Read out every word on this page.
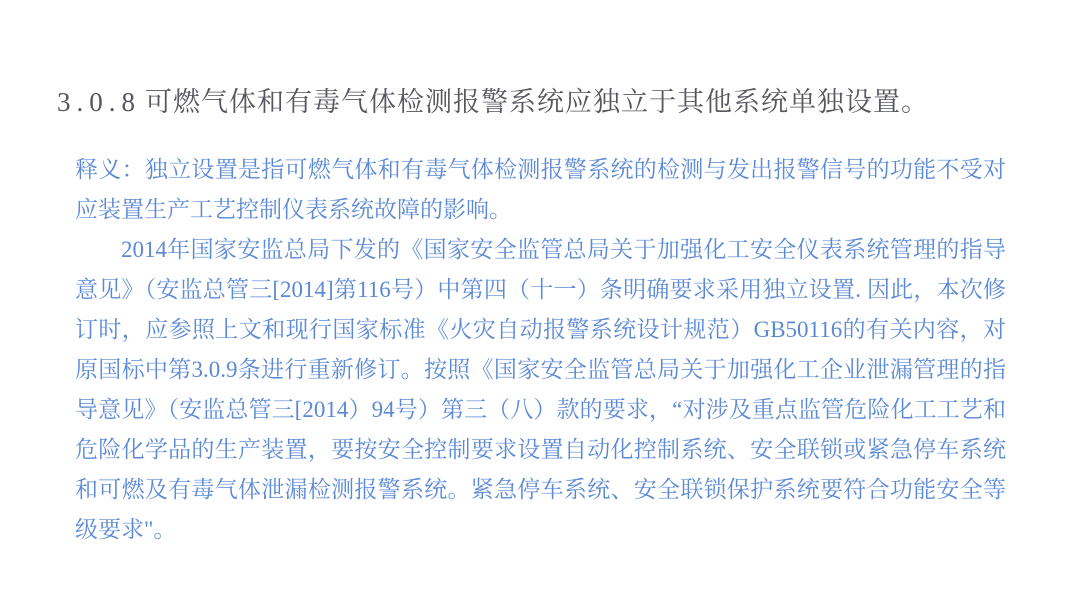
3.0.8 可燃气体和有毒气体检测报警系统应独立于其他系统单独设置。

释义：独立设置是指可燃气体和有毒气体检测报警系统的检测与发出报警信号的功能不受对应装置生产工艺控制仪表系统故障的影响。

2014年国家安监总局下发的《国家安全监管总局关于加强化工安全仪表系统管理的指导意见》（安监总管三[2014]第116号）中第四（十一）条明确要求采用独立设置. 因此，本次修订时，应参照上文和现行国家标准《火灾自动报警系统设计规范）GB50116的有关内容，对原国标中第3.0.9条进行重新修订。按照《国家安全监管总局关于加强化工企业泄漏管理的指导意见》（安监总管三[2014）94号）第三（八）款的要求，“对涉及重点监管危险化工工艺和危险化学品的生产装置，要按安全控制要求设置自动化控制系统、安全联锁或紧急停车系统和可燃及有毒气体泄漏检测报警系统。紧急停车系统、安全联锁保护系统要符合功能安全等级要求"。
